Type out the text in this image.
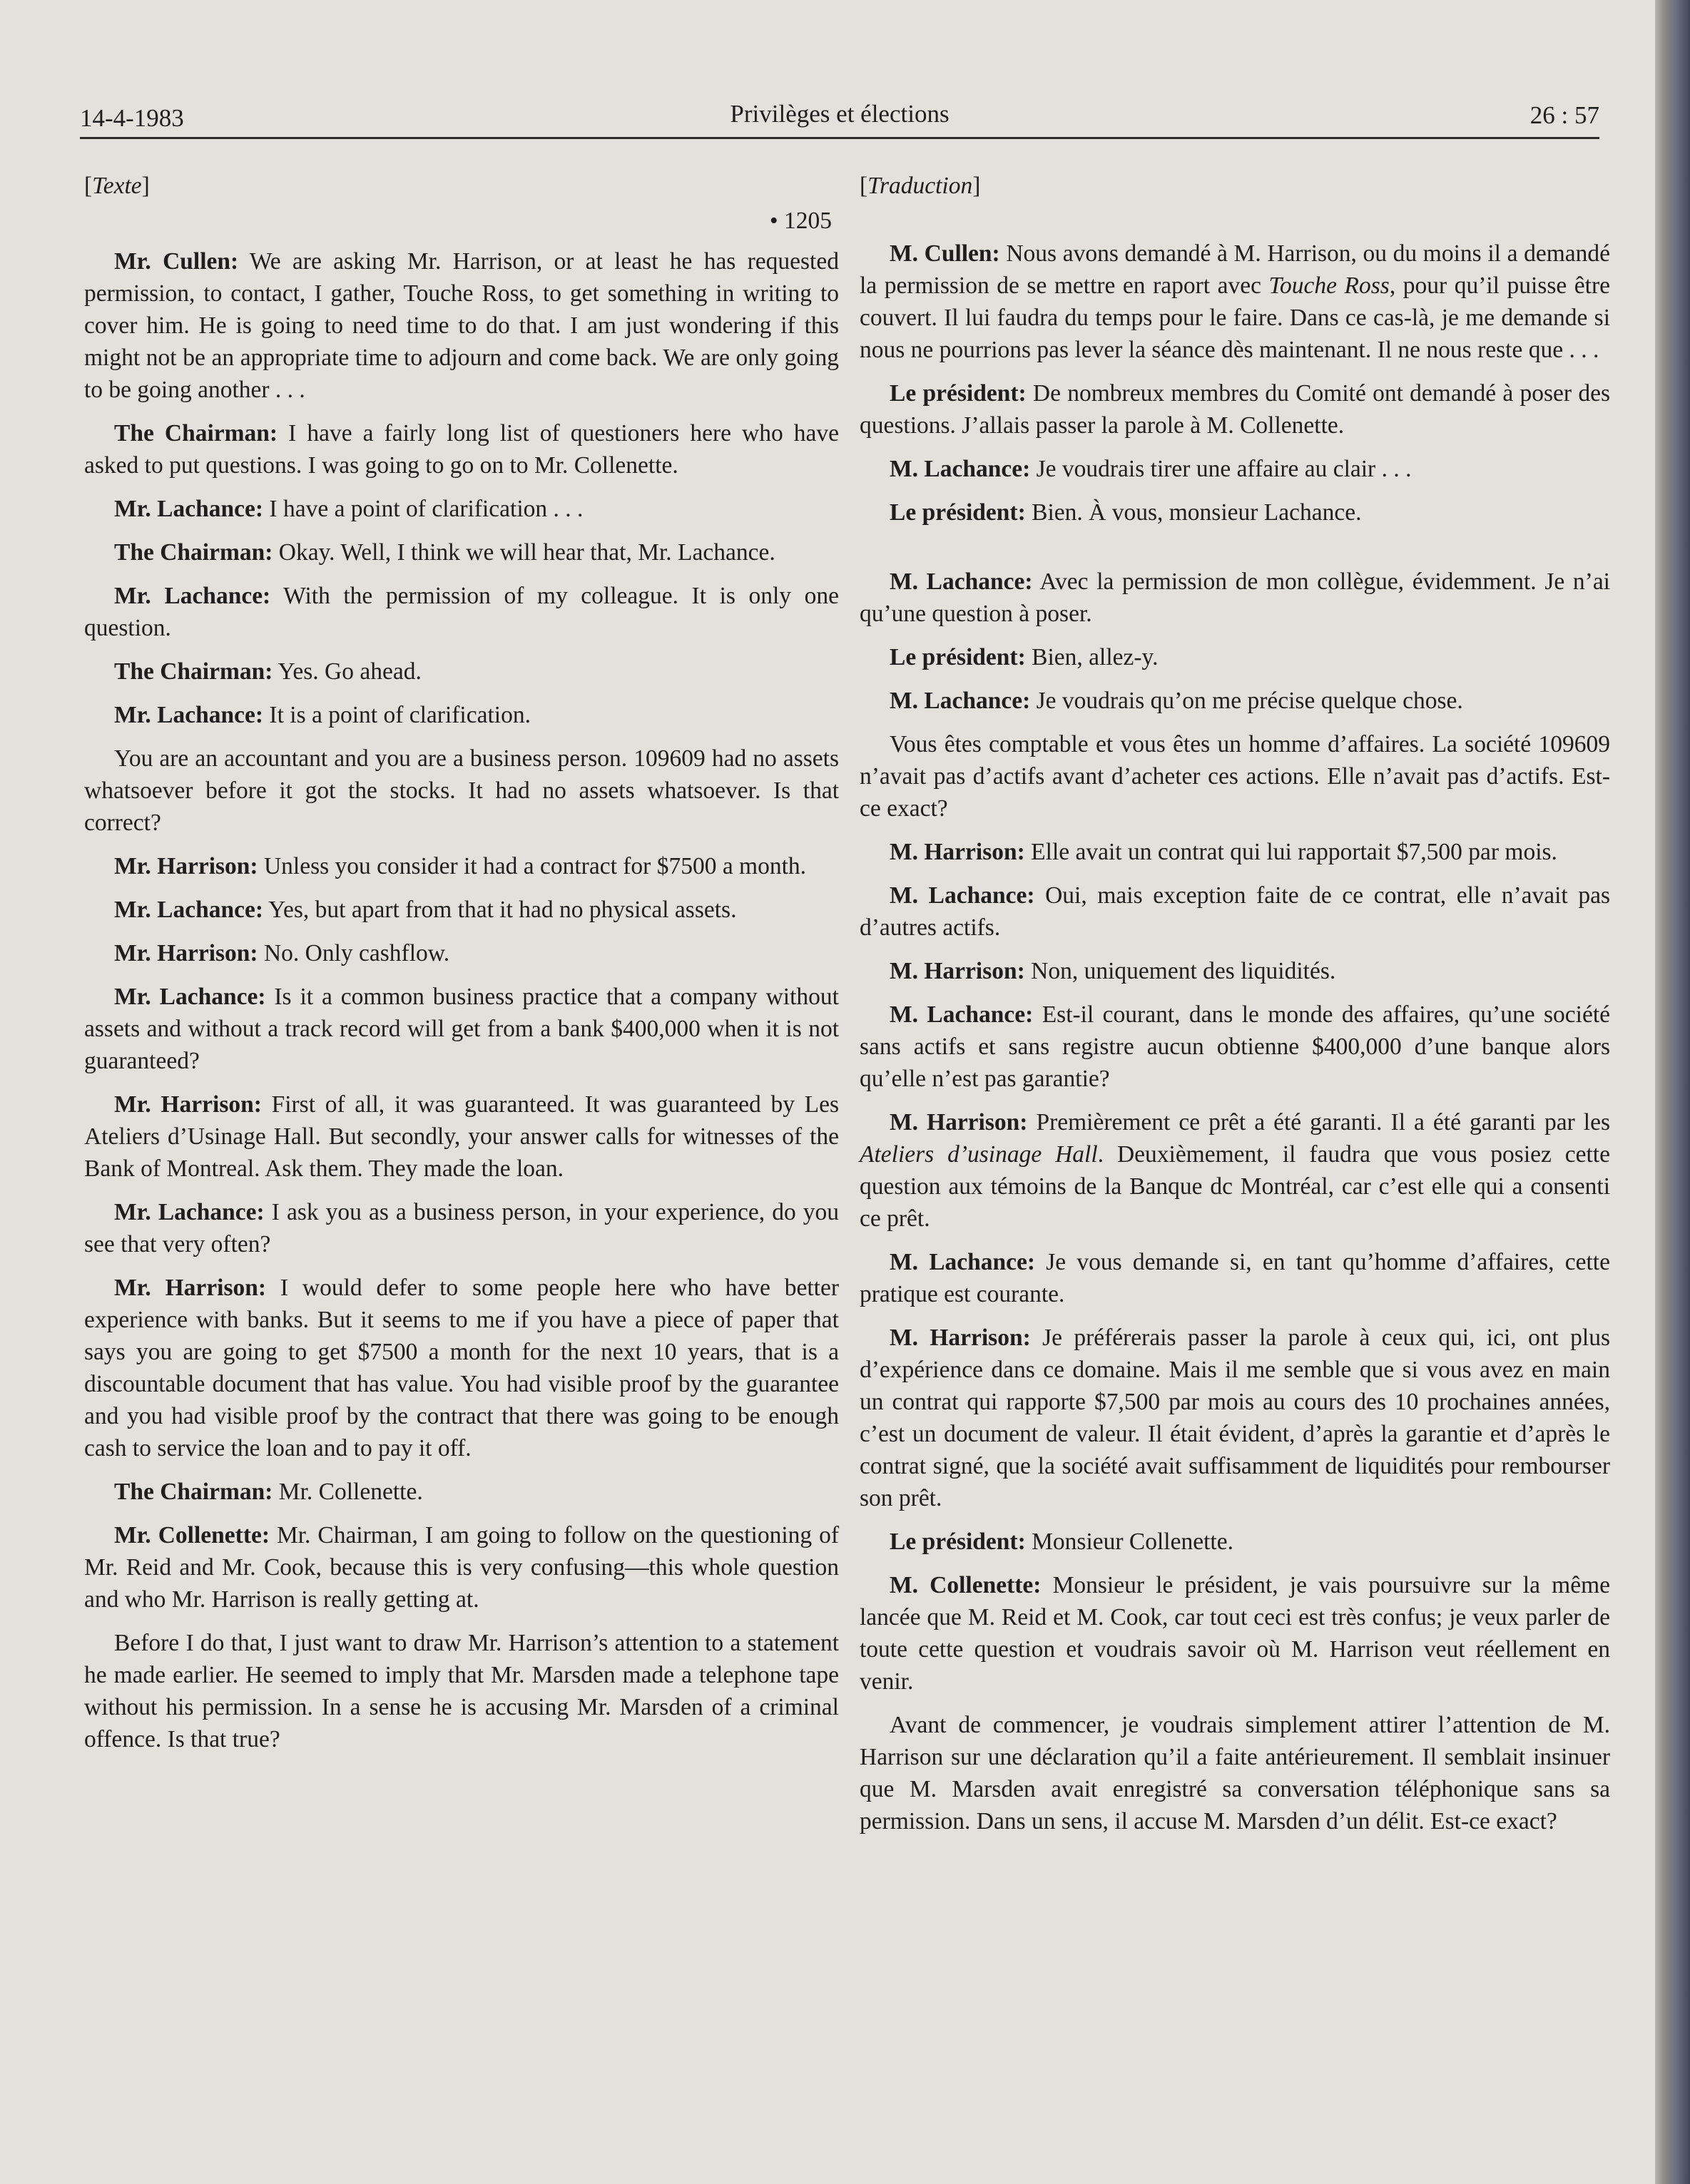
14-4-1983	Privilèges et élections	26 : 57

[Texte]

• 1205

Mr. Cullen: We are asking Mr. Harrison, or at least he has requested permission, to contact, I gather, Touche Ross, to get something in writing to cover him. He is going to need time to do that. I am just wondering if this might not be an appropriate time to adjourn and come back. We are only going to be going another . . .

The Chairman: I have a fairly long list of questioners here who have asked to put questions. I was going to go on to Mr. Collenette.

Mr. Lachance: I have a point of clarification . . .

The Chairman: Okay. Well, I think we will hear that, Mr. Lachance.

Mr. Lachance: With the permission of my colleague. It is only one question.

The Chairman: Yes. Go ahead.

Mr. Lachance: It is a point of clarification.

You are an accountant and you are a business person. 109609 had no assets whatsoever before it got the stocks. It had no assets whatsoever. Is that correct?

Mr. Harrison: Unless you consider it had a contract for $7500 a month.

Mr. Lachance: Yes, but apart from that it had no physical assets.

Mr. Harrison: No. Only cashflow.

Mr. Lachance: Is it a common business practice that a company without assets and without a track record will get from a bank $400,000 when it is not guaranteed?

Mr. Harrison: First of all, it was guaranteed. It was guaranteed by Les Ateliers d’Usinage Hall. But secondly, your answer calls for witnesses of the Bank of Montreal. Ask them. They made the loan.

Mr. Lachance: I ask you as a business person, in your experience, do you see that very often?

Mr. Harrison: I would defer to some people here who have better experience with banks. But it seems to me if you have a piece of paper that says you are going to get $7500 a month for the next 10 years, that is a discountable document that has value. You had visible proof by the guarantee and you had visible proof by the contract that there was going to be enough cash to service the loan and to pay it off.

The Chairman: Mr. Collenette.

Mr. Collenette: Mr. Chairman, I am going to follow on the questioning of Mr. Reid and Mr. Cook, because this is very confusing—this whole question and who Mr. Harrison is really getting at.

Before I do that, I just want to draw Mr. Harrison’s attention to a statement he made earlier. He seemed to imply that Mr. Marsden made a telephone tape without his permission. In a sense he is accusing Mr. Marsden of a criminal offence. Is that true?

[Traduction]

M. Cullen: Nous avons demandé à M. Harrison, ou du moins il a demandé la permission de se mettre en raport avec Touche Ross, pour qu’il puisse être couvert. Il lui faudra du temps pour le faire. Dans ce cas-là, je me demande si nous ne pourrions pas lever la séance dès maintenant. Il ne nous reste que . . .

Le président: De nombreux membres du Comité ont demandé à poser des questions. J’allais passer la parole à M. Collenette.

M. Lachance: Je voudrais tirer une affaire au clair . . .

Le président: Bien. À vous, monsieur Lachance.

M. Lachance: Avec la permission de mon collègue, évidemment. Je n’ai qu’une question à poser.

Le président: Bien, allez-y.

M. Lachance: Je voudrais qu’on me précise quelque chose.

Vous êtes comptable et vous êtes un homme d’affaires. La société 109609 n’avait pas d’actifs avant d’acheter ces actions. Elle n’avait pas d’actifs. Est-ce exact?

M. Harrison: Elle avait un contrat qui lui rapportait $7,500 par mois.

M. Lachance: Oui, mais exception faite de ce contrat, elle n’avait pas d’autres actifs.

M. Harrison: Non, uniquement des liquidités.

M. Lachance: Est-il courant, dans le monde des affaires, qu’une société sans actifs et sans registre aucun obtienne $400,000 d’une banque alors qu’elle n’est pas garantie?

M. Harrison: Premièrement ce prêt a été garanti. Il a été garanti par les Ateliers d’usinage Hall. Deuxièmement, il faudra que vous posiez cette question aux témoins de la Banque dc Montréal, car c’est elle qui a consenti ce prêt.

M. Lachance: Je vous demande si, en tant qu’homme d’affaires, cette pratique est courante.

M. Harrison: Je préférerais passer la parole à ceux qui, ici, ont plus d’expérience dans ce domaine. Mais il me semble que si vous avez en main un contrat qui rapporte $7,500 par mois au cours des 10 prochaines années, c’est un document de valeur. Il était évident, d’après la garantie et d’après le contrat signé, que la société avait suffisamment de liquidités pour rembourser son prêt.

Le président: Monsieur Collenette.

M. Collenette: Monsieur le président, je vais poursuivre sur la même lancée que M. Reid et M. Cook, car tout ceci est très confus; je veux parler de toute cette question et voudrais savoir où M. Harrison veut réellement en venir.

Avant de commencer, je voudrais simplement attirer l’attention de M. Harrison sur une déclaration qu’il a faite antérieurement. Il semblait insinuer que M. Marsden avait enregistré sa conversation téléphonique sans sa permission. Dans un sens, il accuse M. Marsden d’un délit. Est-ce exact?
